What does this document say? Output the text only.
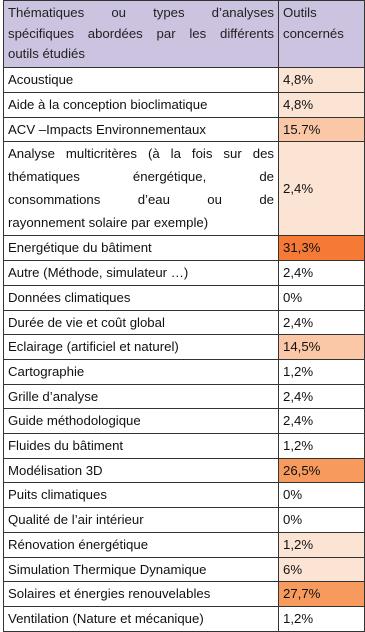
Thématiques ou types d’analyses
spécifiques abordées par les différents
outils étudiés	Outils
concernés

Acoustique	4,8%
Aide à la conception bioclimatique	4,8%
ACV –Impacts Environnementaux	15.7%

Analyse multicritères (à la fois sur des
thématiques énergétique, de
consommations d’eau ou de
rayonnement solaire par exemple)	2,4%
Energétique du bâtiment	31,3%
Autre (Méthode, simulateur …)	2,4%
Données climatiques	0%
Durée de vie et coût global	2,4%
Eclairage (artificiel et naturel)	14,5%
Cartographie	1,2%
Grille d’analyse	2,4%
Guide méthodologique	2,4%
Fluides du bâtiment	1,2%
Modélisation 3D	26,5%
Puits climatiques	0%
Qualité de l’air intérieur	0%
Rénovation énergétique	1,2%
Simulation Thermique Dynamique	6%
Solaires et énergies renouvelables	27,7%
Ventilation (Nature et mécanique)	1,2%
